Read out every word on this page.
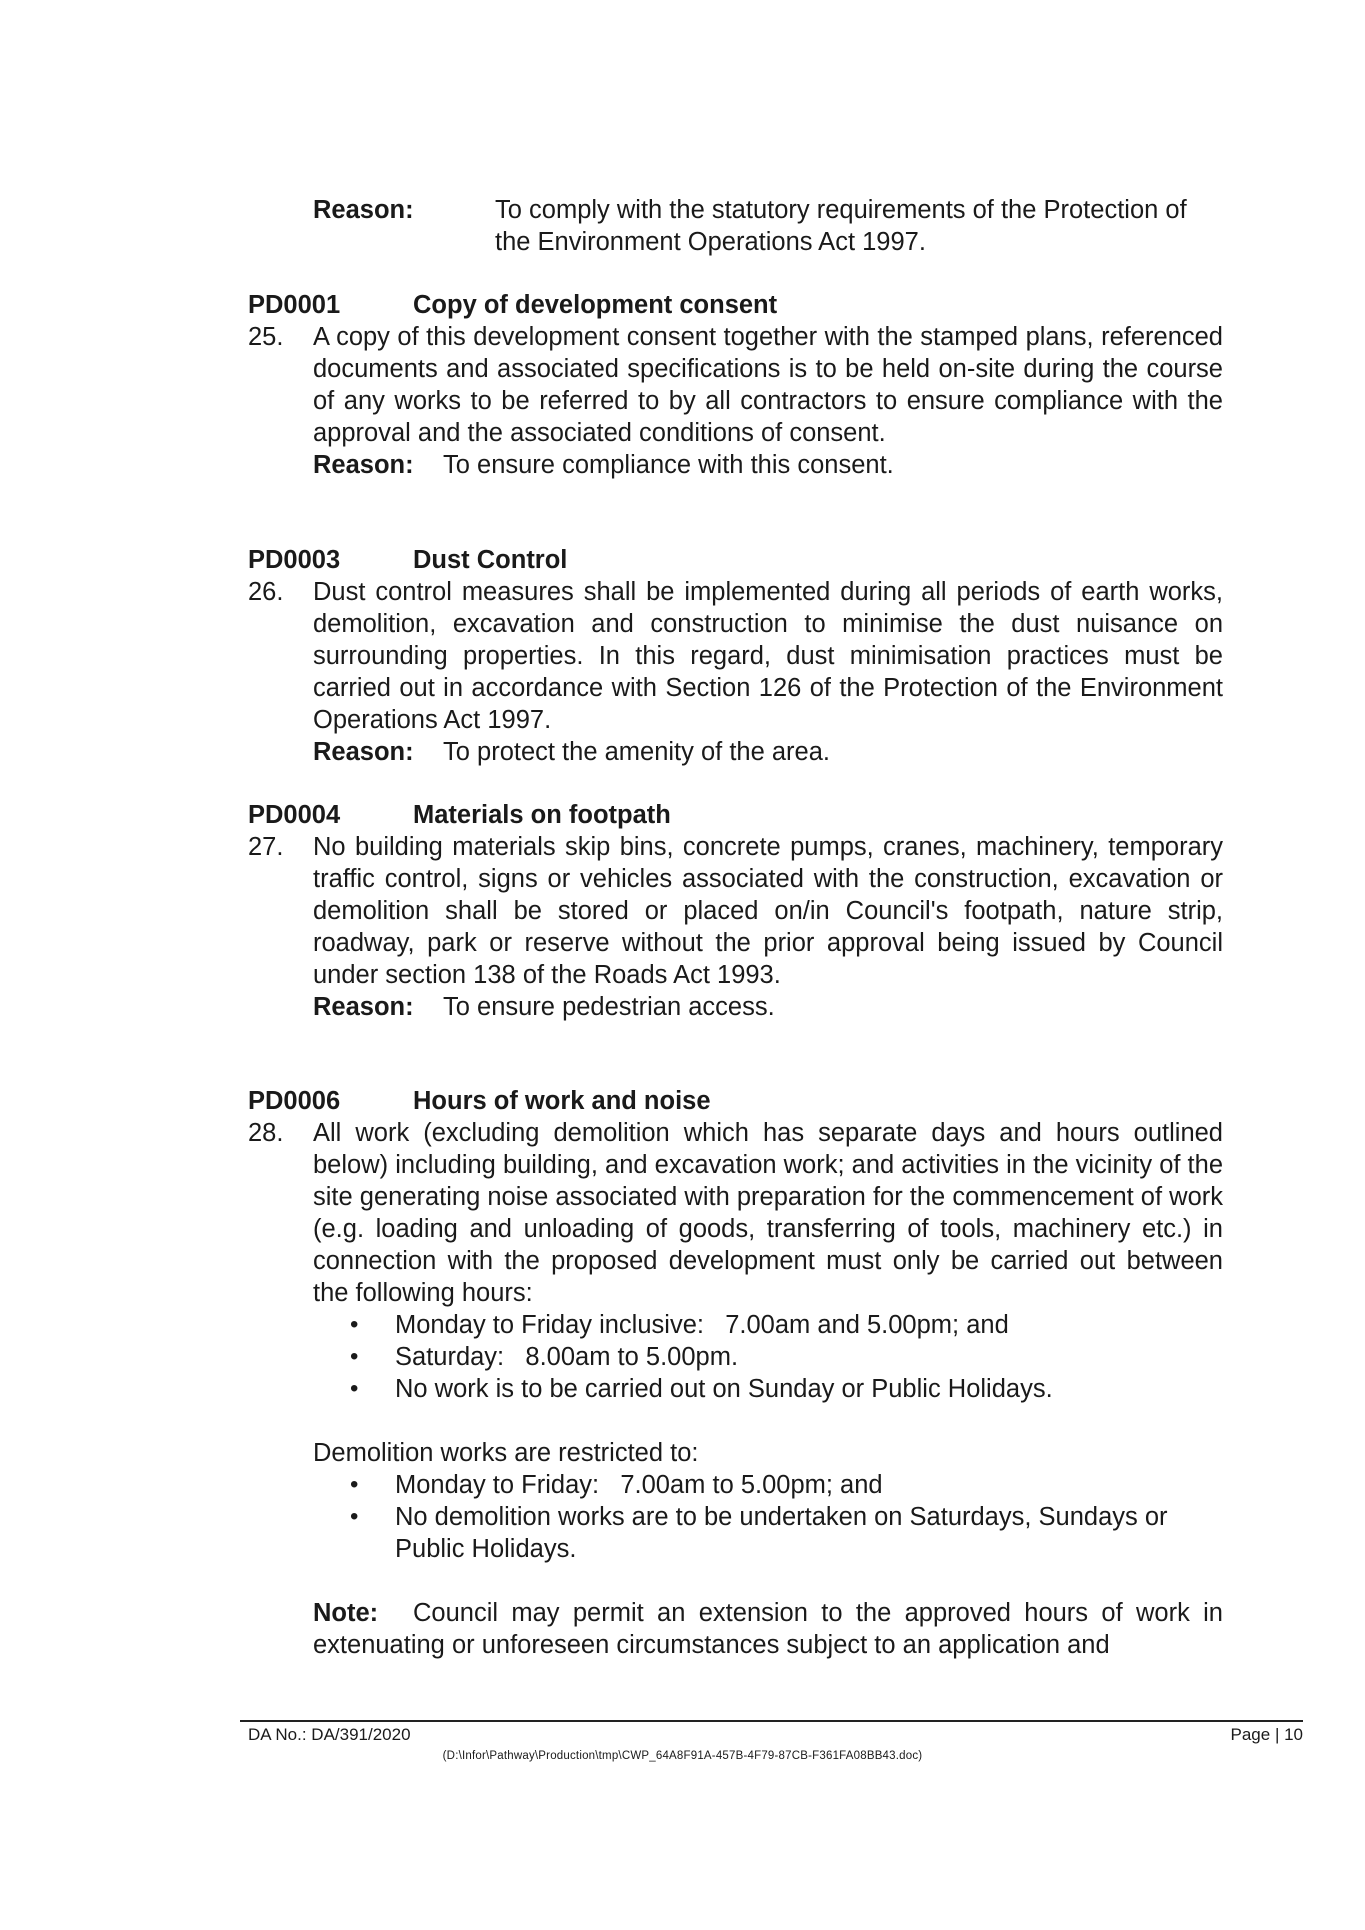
Reason:	To comply with the statutory requirements of the Protection of the Environment Operations Act 1997.
PD0001	Copy of development consent
25. A copy of this development consent together with the stamped plans, referenced documents and associated specifications is to be held on-site during the course of any works to be referred to by all contractors to ensure compliance with the approval and the associated conditions of consent.
Reason: To ensure compliance with this consent.
PD0003	Dust Control
26. Dust control measures shall be implemented during all periods of earth works, demolition, excavation and construction to minimise the dust nuisance on surrounding properties. In this regard, dust minimisation practices must be carried out in accordance with Section 126 of the Protection of the Environment Operations Act 1997.
Reason: To protect the amenity of the area.
PD0004	Materials on footpath
27. No building materials skip bins, concrete pumps, cranes, machinery, temporary traffic control, signs or vehicles associated with the construction, excavation or demolition shall be stored or placed on/in Council's footpath, nature strip, roadway, park or reserve without the prior approval being issued by Council under section 138 of the Roads Act 1993.
Reason: To ensure pedestrian access.
PD0006	Hours of work and noise
28. All work (excluding demolition which has separate days and hours outlined below) including building, and excavation work; and activities in the vicinity of the site generating noise associated with preparation for the commencement of work (e.g. loading and unloading of goods, transferring of tools, machinery etc.) in connection with the proposed development must only be carried out between the following hours:
• Monday to Friday inclusive:   7.00am and 5.00pm; and
• Saturday:   8.00am to 5.00pm.
• No work is to be carried out on Sunday or Public Holidays.
Demolition works are restricted to:
• Monday to Friday:   7.00am to 5.00pm; and
• No demolition works are to be undertaken on Saturdays, Sundays or Public Holidays.
Note: Council may permit an extension to the approved hours of work in extenuating or unforeseen circumstances subject to an application and
DA No.: DA/391/2020	Page | 10
(D:\Infor\Pathway\Production\tmp\CWP_64A8F91A-457B-4F79-87CB-F361FA08BB43.doc)
